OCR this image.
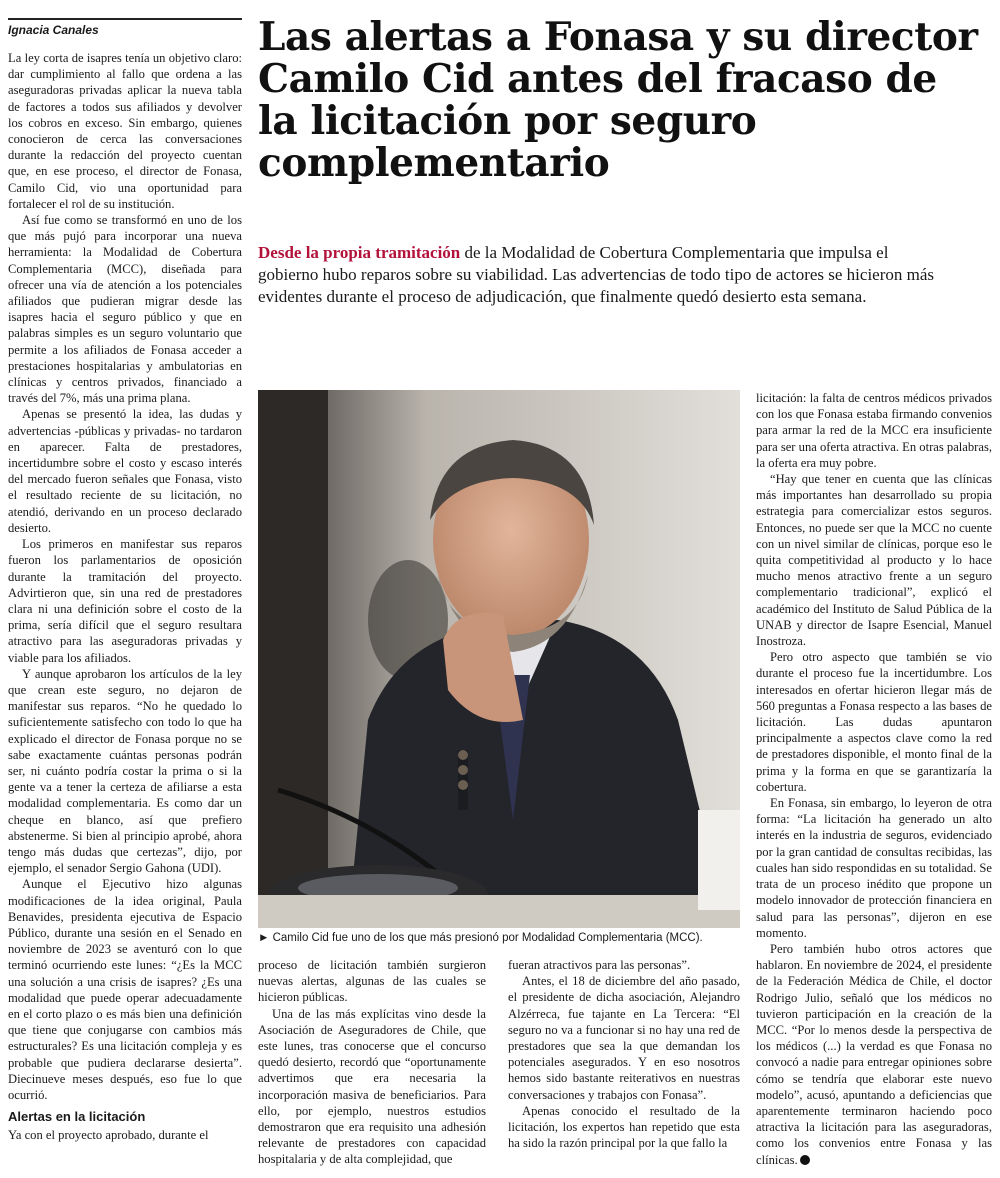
Ignacia Canales

La ley corta de isapres tenía un objetivo claro: dar cumplimiento al fallo que ordena a las aseguradoras privadas aplicar la nueva tabla de factores a todos sus afiliados y devolver los cobros en exceso. Sin embargo, quienes conocieron de cerca las conversaciones durante la redacción del proyecto cuentan que, en ese proceso, el director de Fonasa, Camilo Cid, vio una oportunidad para fortalecer el rol de su institución.

Así fue como se transformó en uno de los que más pujó para incorporar una nueva herramienta: la Modalidad de Cobertura Complementaria (MCC), diseñada para ofrecer una vía de atención a los potenciales afiliados que pudieran migrar desde las isapres hacia el seguro público y que en palabras simples es un seguro voluntario que permite a los afiliados de Fonasa acceder a prestaciones hospitalarias y ambulatorias en clínicas y centros privados, financiado a través del 7%, más una prima plana.

Apenas se presentó la idea, las dudas y advertencias -públicas y privadas- no tardaron en aparecer. Falta de prestadores, incertidumbre sobre el costo y escaso interés del mercado fueron señales que Fonasa, visto el resultado reciente de su licitación, no atendió, derivando en un proceso declarado desierto.

Los primeros en manifestar sus reparos fueron los parlamentarios de oposición durante la tramitación del proyecto. Advirtieron que, sin una red de prestadores clara ni una definición sobre el costo de la prima, sería difícil que el seguro resultara atractivo para las aseguradoras privadas y viable para los afiliados.

Y aunque aprobaron los artículos de la ley que crean este seguro, no dejaron de manifestar sus reparos. “No he quedado lo suficientemente satisfecho con todo lo que ha explicado el director de Fonasa porque no se sabe exactamente cuántas personas podrán ser, ni cuánto podría costar la prima o si la gente va a tener la certeza de afiliarse a esta modalidad complementaria. Es como dar un cheque en blanco, así que prefiero abstenerme. Si bien al principio aprobé, ahora tengo más dudas que certezas”, dijo, por ejemplo, el senador Sergio Gahona (UDI).

Aunque el Ejecutivo hizo algunas modificaciones de la idea original, Paula Benavides, presidenta ejecutiva de Espacio Público, durante una sesión en el Senado en noviembre de 2023 se aventuró con lo que terminó ocurriendo este lunes: “¿Es la MCC una solución a una crisis de isapres? ¿Es una modalidad que puede operar adecuadamente en el corto plazo o es más bien una definición que tiene que conjugarse con cambios más estructurales? Es una licitación compleja y es probable que pudiera declararse desierta”. Diecinueve meses después, eso fue lo que ocurrió.

Alertas en la licitación

Ya con el proyecto aprobado, durante el

Las alertas a Fonasa y su director Camilo Cid antes del fracaso de la licitación por seguro complementario

Desde la propia tramitación de la Modalidad de Cobertura Complementaria que impulsa el gobierno hubo reparos sobre su viabilidad. Las advertencias de todo tipo de actores se hicieron más evidentes durante el proceso de adjudicación, que finalmente quedó desierto esta semana.

► Camilo Cid fue uno de los que más presionó por Modalidad Complementaria (MCC).

proceso de licitación también surgieron nuevas alertas, algunas de las cuales se hicieron públicas.

Una de las más explícitas vino desde la Asociación de Aseguradores de Chile, que este lunes, tras conocerse que el concurso quedó desierto, recordó que “oportunamente advertimos que era necesaria la incorporación masiva de beneficiarios. Para ello, por ejemplo, nuestros estudios demostraron que era requisito una adhesión relevante de prestadores con capacidad hospitalaria y de alta complejidad, que

fueran atractivos para las personas”.

Antes, el 18 de diciembre del año pasado, el presidente de dicha asociación, Alejandro Alzérreca, fue tajante en La Tercera: “El seguro no va a funcionar si no hay una red de prestadores que sea la que demandan los potenciales asegurados. Y en eso nosotros hemos sido bastante reiterativos en nuestras conversaciones y trabajos con Fonasa”.

Apenas conocido el resultado de la licitación, los expertos han repetido que esta ha sido la razón principal por la que fallo la

licitación: la falta de centros médicos privados con los que Fonasa estaba firmando convenios para armar la red de la MCC era insuficiente para ser una oferta atractiva. En otras palabras, la oferta era muy pobre.

“Hay que tener en cuenta que las clínicas más importantes han desarrollado su propia estrategia para comercializar estos seguros. Entonces, no puede ser que la MCC no cuente con un nivel similar de clínicas, porque eso le quita competitividad al producto y lo hace mucho menos atractivo frente a un seguro complementario tradicional”, explicó el académico del Instituto de Salud Pública de la UNAB y director de Isapre Esencial, Manuel Inostroza.

Pero otro aspecto que también se vio durante el proceso fue la incertidumbre. Los interesados en ofertar hicieron llegar más de 560 preguntas a Fonasa respecto a las bases de licitación. Las dudas apuntaron principalmente a aspectos clave como la red de prestadores disponible, el monto final de la prima y la forma en que se garantizaría la cobertura.

En Fonasa, sin embargo, lo leyeron de otra forma: “La licitación ha generado un alto interés en la industria de seguros, evidenciado por la gran cantidad de consultas recibidas, las cuales han sido respondidas en su totalidad. Se trata de un proceso inédito que propone un modelo innovador de protección financiera en salud para las personas”, dijeron en ese momento.

Pero también hubo otros actores que hablaron. En noviembre de 2024, el presidente de la Federación Médica de Chile, el doctor Rodrigo Julio, señaló que los médicos no tuvieron participación en la creación de la MCC. “Por lo menos desde la perspectiva de los médicos (...) la verdad es que Fonasa no convocó a nadie para entregar opiniones sobre cómo se tendría que elaborar este nuevo modelo”, acusó, apuntando a deficiencias que aparentemente terminaron haciendo poco atractiva la licitación para las aseguradoras, como los convenios entre Fonasa y las clínicas.
